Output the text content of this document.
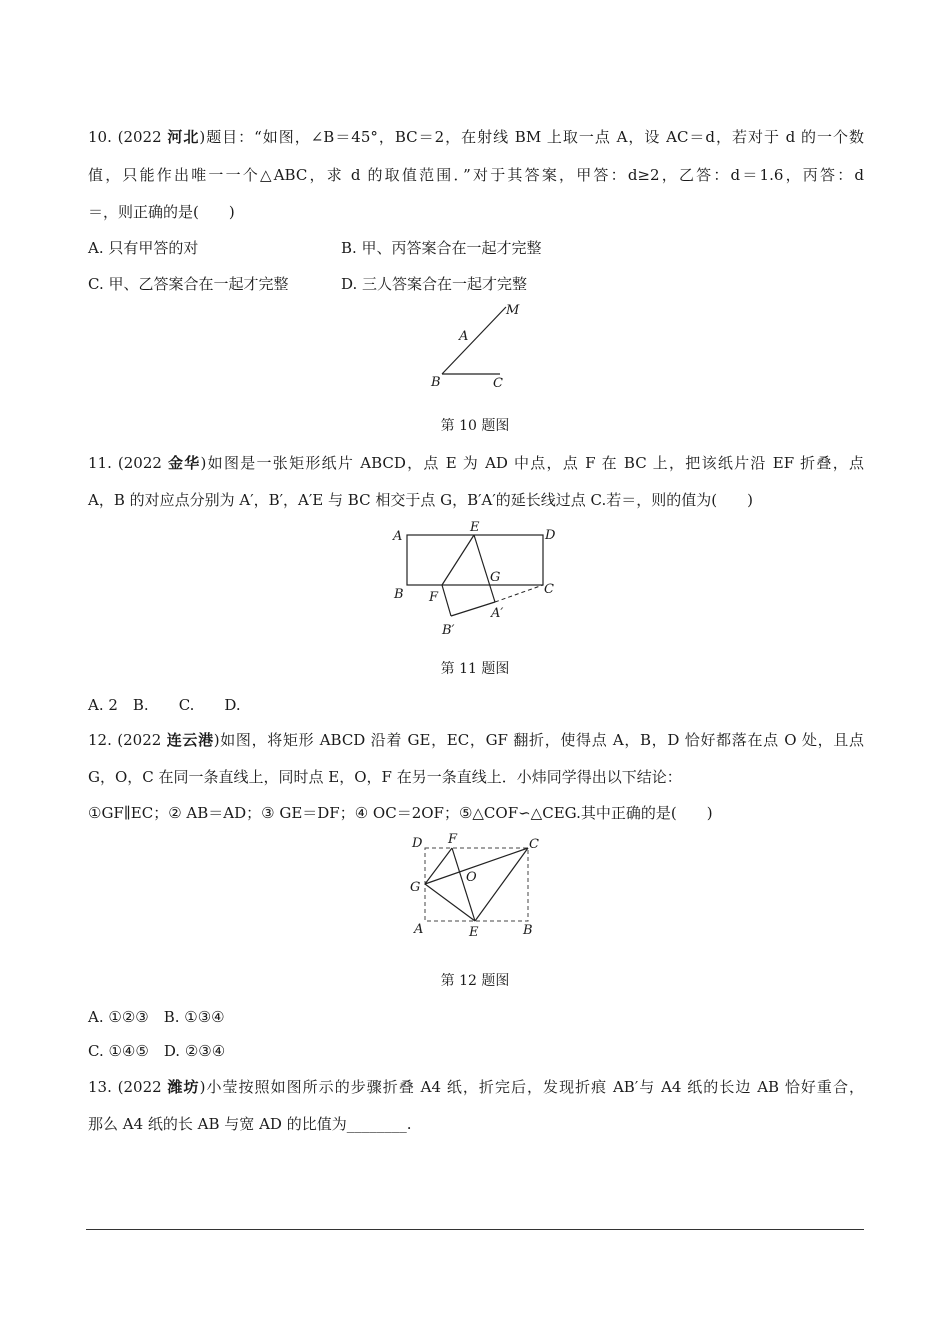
10. (2022 河北)题目：“如图，∠B＝45°，BC＝2，在射线 BM 上取一点 A，设 AC＝d，若对于 d 的一个数
值，只能作出唯一一个△ABC，求 d 的取值范围．”对于其答案，甲答：d≥2，乙答：d＝1.6，丙答：d
＝，则正确的是(　　)
A. 只有甲答的对	B. 甲、丙答案合在一起才完整
C. 甲、乙答案合在一起才完整	D. 三人答案合在一起才完整
M
A
B	C
第 10 题图
11. (2022 金华)如图是一张矩形纸片 ABCD，点 E 为 AD 中点，点 F 在 BC 上，把该纸片沿 EF 折叠，点
A，B 的对应点分别为 A′，B′，A′E 与 BC 相交于点 G，B′A′的延长线过点 C.若＝，则的值为(　　)
A
E
D
G
B F
C
A′
B′
第 11 题图
A. 2　B.　　C.　　D.
12. (2022 连云港)如图，将矩形 ABCD 沿着 GE，EC，GF 翻折，使得点 A，B，D 恰好都落在点 O 处，且点
G，O，C 在同一条直线上，同时点 E，O，F 在另一条直线上．小炜同学得出以下结论：
①GF∥EC；② AB＝AD；③ GE＝DF；④ OC＝2OF；⑤△COF∽△CEG.其中正确的是(　　)
D F	C
G
O
A	E	B
第 12 题图
A. ①②③　B. ①③④
C. ①④⑤　D. ②③④
13. (2022 潍坊)小莹按照如图所示的步骤折叠 A4 纸，折完后，发现折痕 AB′与 A4 纸的长边 AB 恰好重合，
那么 A4 纸的长 AB 与宽 AD 的比值为________.
